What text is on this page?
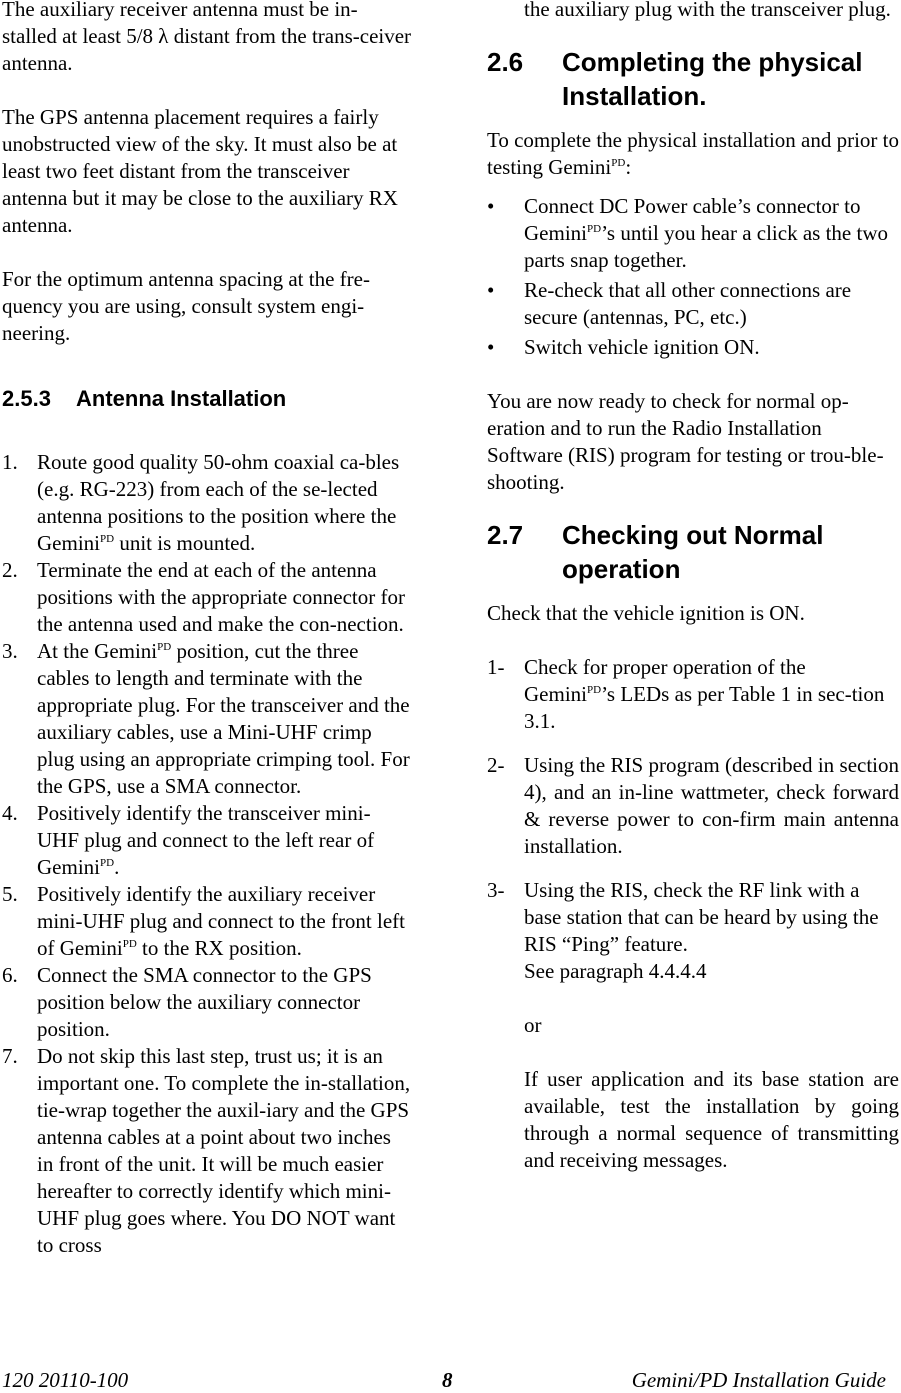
The auxiliary receiver antenna must be in-stalled at least 5/8 λ distant from the trans-ceiver antenna.

The GPS antenna placement requires a fairly unobstructed view of the sky. It must also be at least two feet distant from the transceiver antenna but it may be close to the auxiliary RX antenna.

For the optimum antenna spacing at the fre-quency you are using, consult system engi-neering.

2.5.3	Antenna Installation
1. Route good quality 50-ohm coaxial ca-bles (e.g. RG-223) from each of the se-lected antenna positions to the position where the Gemini$^{PD}$ unit is mounted.
2. Terminate the end at each of the antenna positions with the appropriate connector for the antenna used and make the con-nection.
3. At the Gemini$^{PD}$ position, cut the three cables to length and terminate with the appropriate plug. For the transceiver and the auxiliary cables, use a Mini-UHF crimp plug using an appropriate crimping tool. For the GPS, use a SMA connector.
4. Positively identify the transceiver mini-UHF plug and connect to the left rear of Gemini$^{PD}$.
5. Positively identify the auxiliary receiver mini-UHF plug and connect to the front left of Gemini$^{PD}$ to the RX position.
6. Connect the SMA connector to the GPS position below the auxiliary connector position.
7. Do not skip this last step, trust us; it is an important one. To complete the in-stallation, tie-wrap together the auxil-iary and the GPS antenna cables at a point about two inches in front of the unit. It will be much easier hereafter to correctly identify which mini-UHF plug goes where. You DO NOT want to cross

the auxiliary plug with the transceiver plug.

2.6	Completing the physical Installation.

To complete the physical installation and prior to testing Gemini$^{PD}$:

•	Connect DC Power cable’s connector to Gemini$^{PD}$’s until you hear a click as the two parts snap together.
•	Re-check that all other connections are secure (antennas, PC, etc.)
•	Switch vehicle ignition ON.

You are now ready to check for normal op-eration and to run the Radio Installation Software (RIS) program for testing or trou-ble-shooting.

2.7	Checking out Normal operation

Check that the vehicle ignition is ON.

1- Check for proper operation of the Gemini$^{PD}$’s LEDs as per Table 1 in sec-tion 3.1.
2- Using the RIS program (described in section 4), and an in-line wattmeter, check forward & reverse power to con-firm main antenna installation.
3- Using the RIS, check the RF link with a base station that can be heard by using the RIS “Ping” feature.
See paragraph 4.4.4.4
or
If user application and its base station are available, test the installation by going through a normal sequence of transmitting and receiving messages.
120 20110-100	8	Gemini/PD Installation Guide
